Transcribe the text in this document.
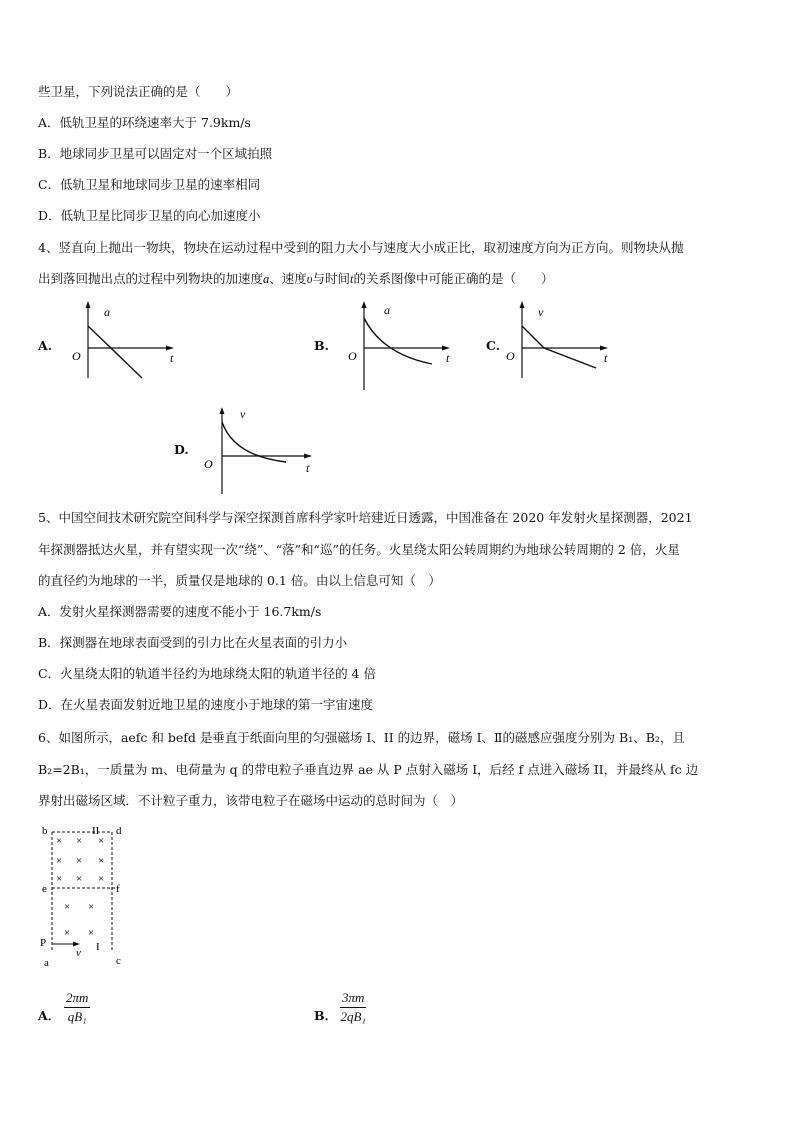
些卫星，下列说法正确的是（　　）
A．低轨卫星的环绕速率大于 7.9km/s
B．地球同步卫星可以固定对一个区域拍照
C．低轨卫星和地球同步卫星的速率相同
D．低轨卫星比同步卫星的向心加速度小
4、竖直向上抛出一物块，物块在运动过程中受到的阻力大小与速度大小成正比，取初速度方向为正方向。则物块从抛
出到落回抛出点的过程中列物块的加速度a、速度υ与时间t的关系图像中可能正确的是（　　）
A.
a
O	t
B.
a
O	t
C.
v
O	t
D.
v
O	t
5、中国空间技术研究院空间科学与深空探测首席科学家叶培建近日透露，中国准备在 2020 年发射火星探测器，2021
年探测器抵达火星，并有望实现一次“绕”、“落”和“巡”的任务。火星绕太阳公转周期约为地球公转周期的 2 倍，火星
的直径约为地球的一半，质量仅是地球的 0.1 倍。由以上信息可知（　）
A．发射火星探测器需要的速度不能小于 16.7km/s
B．探测器在地球表面受到的引力比在火星表面的引力小
C．火星绕太阳的轨道半径约为地球绕太阳的轨道半径的 4 倍
D．在火星表面发射近地卫星的速度小于地球的第一宇宙速度
6、如图所示，aefc 和 befd 是垂直于纸面向里的匀强磁场 I、II 的边界，磁场 I、Ⅱ的磁感应强度分别为 B₁、B₂，且
B₂=2B₁，一质量为 m、电荷量为 q 的带电粒子垂直边界 ae 从 P 点射入磁场 I，后经 f 点进入磁场 II，并最终从 fc 边
界射出磁场区域．不计粒子重力，该带电粒子在磁场中运动的总时间为（　）
b	II d
e	f
P
v I
a	c
× × ×
× × ×
× × ×
× ×
× ×
A． $\frac{2\pi m}{\text{qB₁}}$	B． $\frac{3\pi m}{\text{2qB₁}}$
